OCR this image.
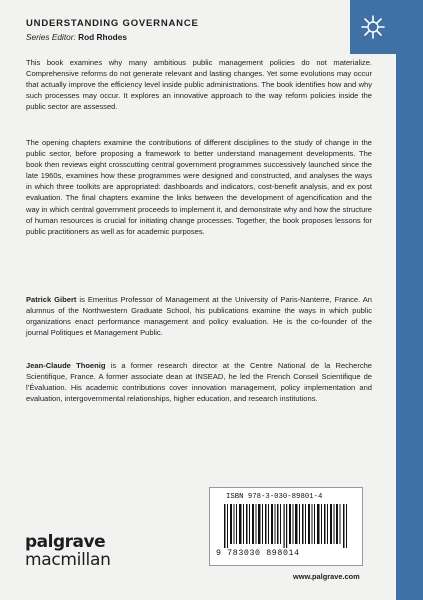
UNDERSTANDING GOVERNANCE
Series Editor: Rod Rhodes

This book examines why many ambitious public management policies do not materialize. Comprehensive reforms do not generate relevant and lasting changes. Yet some evolutions may occur that actually improve the efficiency level inside public administrations. The book identifies how and why such processes may occur. It explores an innovative approach to the way reform policies inside the public sector are assessed.

The opening chapters examine the contributions of different disciplines to the study of change in the public sector, before proposing a framework to better understand management developments. The book then reviews eight crosscutting central government programmes successively launched since the late 1960s, examines how these programmes were designed and constructed, and analyses the ways in which three toolkits are appropriated: dashboards and indicators, cost-benefit analysis, and ex post evaluation. The final chapters examine the links between the development of agencification and the way in which central government proceeds to implement it, and demonstrate why and how the structure of human resources is crucial for initiating change processes. Together, the book proposes lessons for public practitioners as well as for academic purposes.

Patrick Gibert is Emeritus Professor of Management at the University of Paris-Nanterre, France. An alumnus of the Northwestern Graduate School, his publications examine the ways in which public organizations enact performance management and policy evaluation. He is the co-founder of the journal Politiques et Management Public.

Jean-Claude Thoenig is a former research director at the Centre National de la Recherche Scientifique, France. A former associate dean at INSEAD, he led the French Conseil Scientifique de l’Évaluation. His academic contributions cover innovation management, policy implementation and evaluation, intergovernmental relationships, higher education, and research institutions.

ISBN 978-3-030-89801-4
9 783030 898014
palgrave
macmillan
www.palgrave.com
